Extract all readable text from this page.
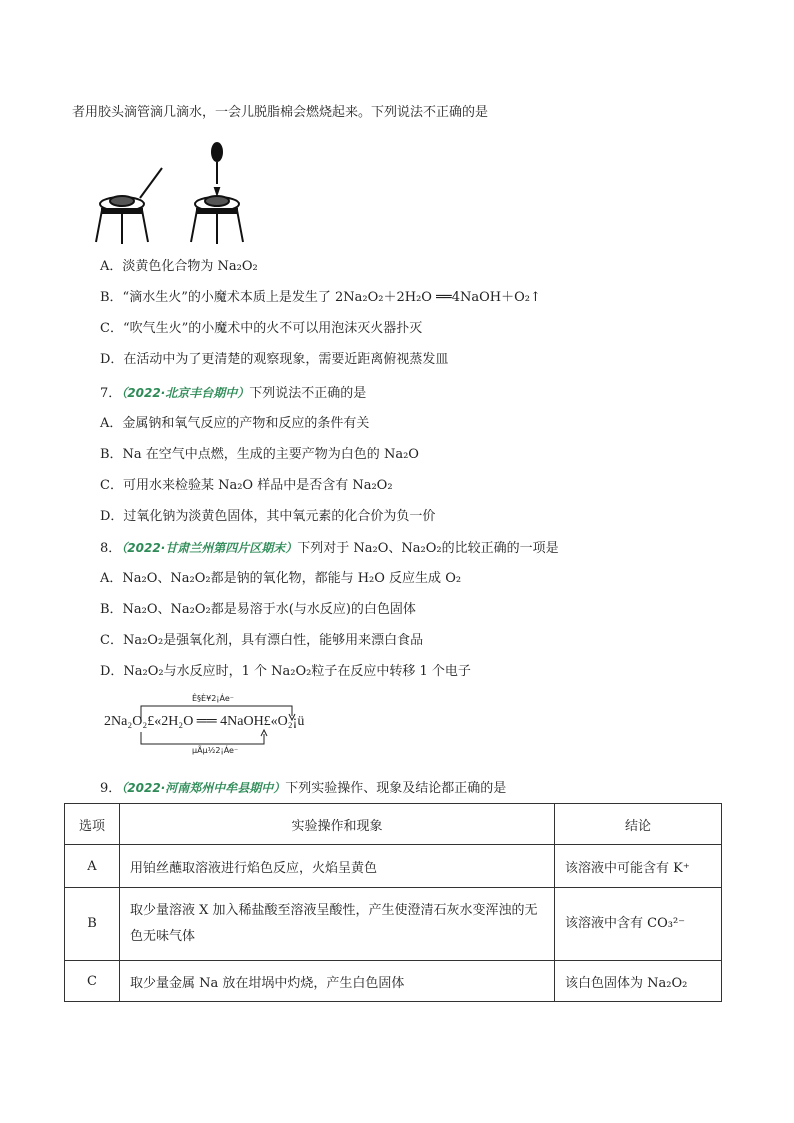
者用胶头滴管滴几滴水，一会儿脱脂棉会燃烧起来。下列说法不正确的是
A．淡黄色化合物为 Na₂O₂
B．“滴水生火”的小魔术本质上是发生了 2Na₂O₂＋2H₂O ══4NaOH＋O₂↑
C．“吹气生火”的小魔术中的火不可以用泡沫灭火器扑灭
D．在活动中为了更清楚的观察现象，需要近距离俯视蒸发皿
7．（2022·北京丰台期中）下列说法不正确的是
A．金属钠和氧气反应的产物和反应的条件有关
B．Na 在空气中点燃，生成的主要产物为白色的 Na₂O
C．可用水来检验某 Na₂O 样品中是否含有 Na₂O₂
D．过氧化钠为淡黄色固体，其中氧元素的化合价为负一价
8．（2022·甘肃兰州第四片区期末）下列对于 Na₂O、Na₂O₂的比较正确的一项是
A．Na₂O、Na₂O₂都是钠的氧化物，都能与 H₂O 反应生成 O₂
B．Na₂O、Na₂O₂都是易溶于水(与水反应)的白色固体
C．Na₂O₂是强氧化剂，具有漂白性，能够用来漂白食品
D．Na₂O₂与水反应时，1 个 Na₂O₂粒子在反应中转移 1 个电子
Ê§È¥2¡Áe⁻
2Na₂O₂£«2H₂O ══ 4NaOH£«O₂¡ü
µÃµ½2¡Áe⁻
9．（2022·河南郑州中牟县期中）下列实验操作、现象及结论都正确的是
选项	实验操作和现象	结论
A	用铂丝蘸取溶液进行焰色反应，火焰呈黄色	该溶液中可能含有 K⁺
B	取少量溶液 X 加入稀盐酸至溶液呈酸性，产生使澄清石灰水变浑浊的无色无味气体	该溶液中含有 CO₃²⁻
C	取少量金属 Na 放在坩埚中灼烧，产生白色固体	该白色固体为 Na₂O₂
